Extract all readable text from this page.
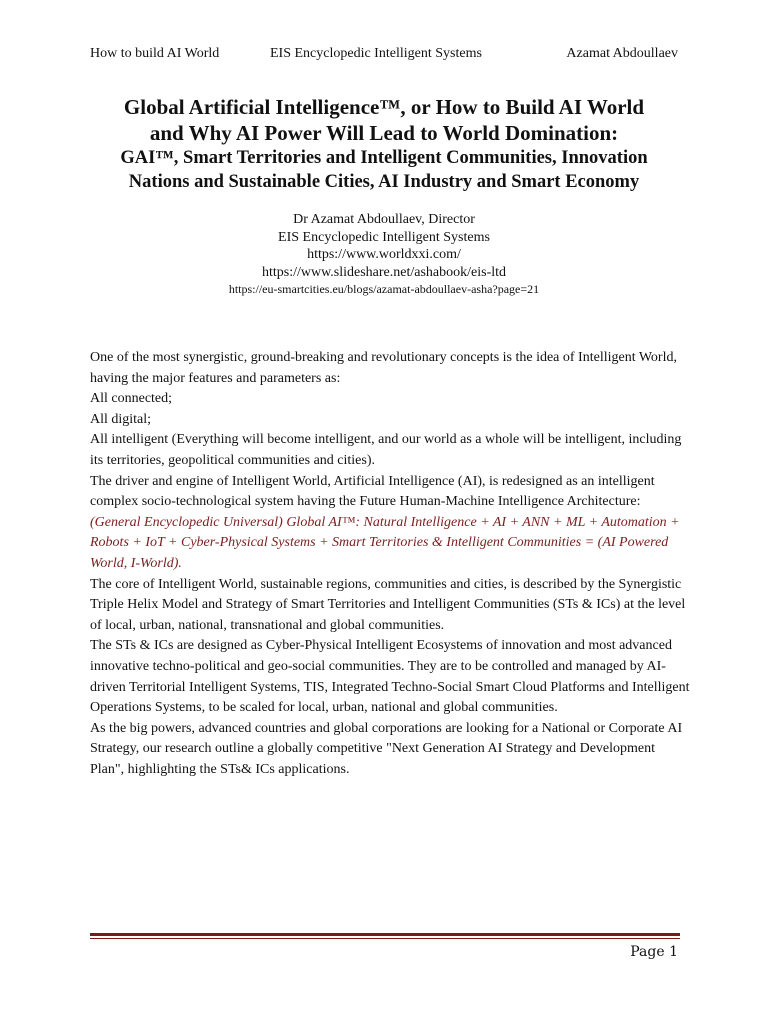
How to build AI World	EIS Encyclopedic Intelligent Systems	Azamat Abdoullaev
Global Artificial Intelligence™, or How to Build AI World
and Why AI Power Will Lead to World Domination:
GAI™, Smart Territories and Intelligent Communities, Innovation
Nations and Sustainable Cities, AI Industry and Smart Economy
Dr Azamat Abdoullaev, Director
EIS Encyclopedic Intelligent Systems
https://www.worldxxi.com/
https://www.slideshare.net/ashabook/eis-ltd
https://eu-smartcities.eu/blogs/azamat-abdoullaev-asha?page=21

One of the most synergistic, ground-breaking and revolutionary concepts is the idea of Intelligent World, having the major features and parameters as:

All connected;

All digital;

All intelligent (Everything will become intelligent, and our world as a whole will be intelligent, including its territories, geopolitical communities and cities).

The driver and engine of Intelligent World, Artificial Intelligence (AI), is redesigned as an intelligent complex socio-technological system having the Future Human-Machine Intelligence Architecture:

(General Encyclopedic Universal) Global AI™: Natural Intelligence + AI + ANN + ML + Automation + Robots + IoT + Cyber-Physical Systems + Smart Territories & Intelligent Communities = (AI Powered World, I-World).

The core of Intelligent World, sustainable regions, communities and cities, is described by the Synergistic Triple Helix Model and Strategy of Smart Territories and Intelligent Communities (STs & ICs) at the level of local, urban, national, transnational and global communities.

The STs & ICs are designed as Cyber-Physical Intelligent Ecosystems of innovation and most advanced innovative techno-political and geo-social communities. They are to be controlled and managed by AI-driven Territorial Intelligent Systems, TIS, Integrated Techno-Social Smart Cloud Platforms and Intelligent Operations Systems, to be scaled for local, urban, national and global communities.

As the big powers, advanced countries and global corporations are looking for a National or Corporate AI Strategy, our research outline a globally competitive "Next Generation AI Strategy and Development Plan", highlighting the STs& ICs applications.

Page 1
